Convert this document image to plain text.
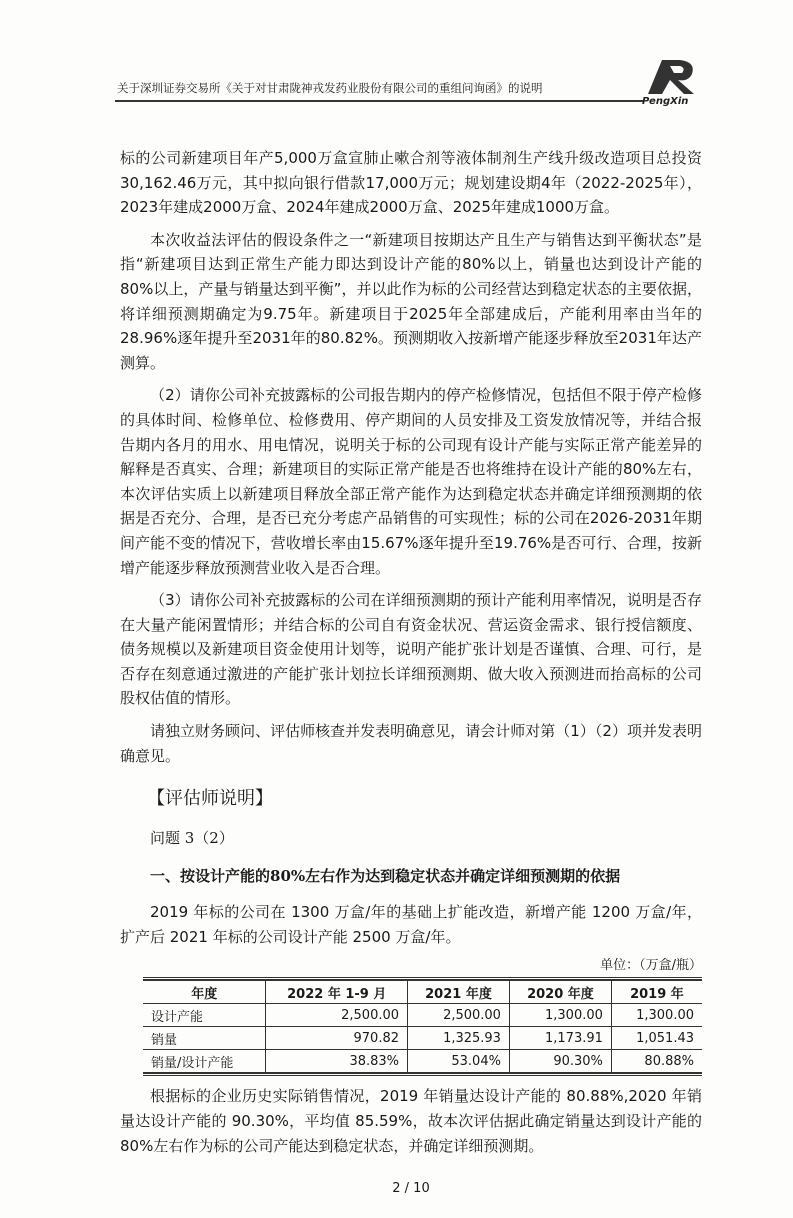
关于深圳证券交易所《关于对甘肃陇神戎发药业股份有限公司的重组问询函》的说明
PengXin

标的公司新建项目年产5,000万盒宣肺止嗽合剂等液体制剂生产线升级改造项目总投资30,162.46万元，其中拟向银行借款17,000万元；规划建设期4年（2022-2025年），2023年建成2000万盒、2024年建成2000万盒、2025年建成1000万盒。

本次收益法评估的假设条件之一“新建项目按期达产且生产与销售达到平衡状态”是指“新建项目达到正常生产能力即达到设计产能的80%以上，销量也达到设计产能的80%以上，产量与销量达到平衡”，并以此作为标的公司经营达到稳定状态的主要依据，将详细预测期确定为9.75年。新建项目于2025年全部建成后，产能利用率由当年的28.96%逐年提升至2031年的80.82%。预测期收入按新增产能逐步释放至2031年达产测算。

（2）请你公司补充披露标的公司报告期内的停产检修情况，包括但不限于停产检修的具体时间、检修单位、检修费用、停产期间的人员安排及工资发放情况等，并结合报告期内各月的用水、用电情况，说明关于标的公司现有设计产能与实际正常产能差异的解释是否真实、合理；新建项目的实际正常产能是否也将维持在设计产能的80%左右，本次评估实质上以新建项目释放全部正常产能作为达到稳定状态并确定详细预测期的依据是否充分、合理，是否已充分考虑产品销售的可实现性；标的公司在2026-2031年期间产能不变的情况下，营收增长率由15.67%逐年提升至19.76%是否可行、合理，按新增产能逐步释放预测营业收入是否合理。

（3）请你公司补充披露标的公司在详细预测期的预计产能利用率情况，说明是否存在大量产能闲置情形；并结合标的公司自有资金状况、营运资金需求、银行授信额度、债务规模以及新建项目资金使用计划等，说明产能扩张计划是否谨慎、合理、可行，是否存在刻意通过激进的产能扩张计划拉长详细预测期、做大收入预测进而抬高标的公司股权估值的情形。

请独立财务顾问、评估师核查并发表明确意见，请会计师对第（1）（2）项并发表明确意见。

【评估师说明】
问题 3（2）
一、按设计产能的80%左右作为达到稳定状态并确定详细预测期的依据

2019 年标的公司在 1300 万盒/年的基础上扩能改造，新增产能 1200 万盒/年，扩产后 2021 年标的公司设计产能 2500 万盒/年。

单位：（万盒/瓶）
年度	2022 年 1-9 月	2021 年度	2020 年度	2019 年
设计产能	2,500.00	2,500.00	1,300.00	1,300.00
销量	970.82	1,325.93	1,173.91	1,051.43
销量/设计产能	38.83%	53.04%	90.30%	80.88%

根据标的企业历史实际销售情况，2019 年销量达设计产能的 80.88%,2020 年销量达设计产能的 90.30%，平均值 85.59%，故本次评估据此确定销量达到设计产能的 80%左右作为标的公司产能达到稳定状态，并确定详细预测期。

2 / 10
